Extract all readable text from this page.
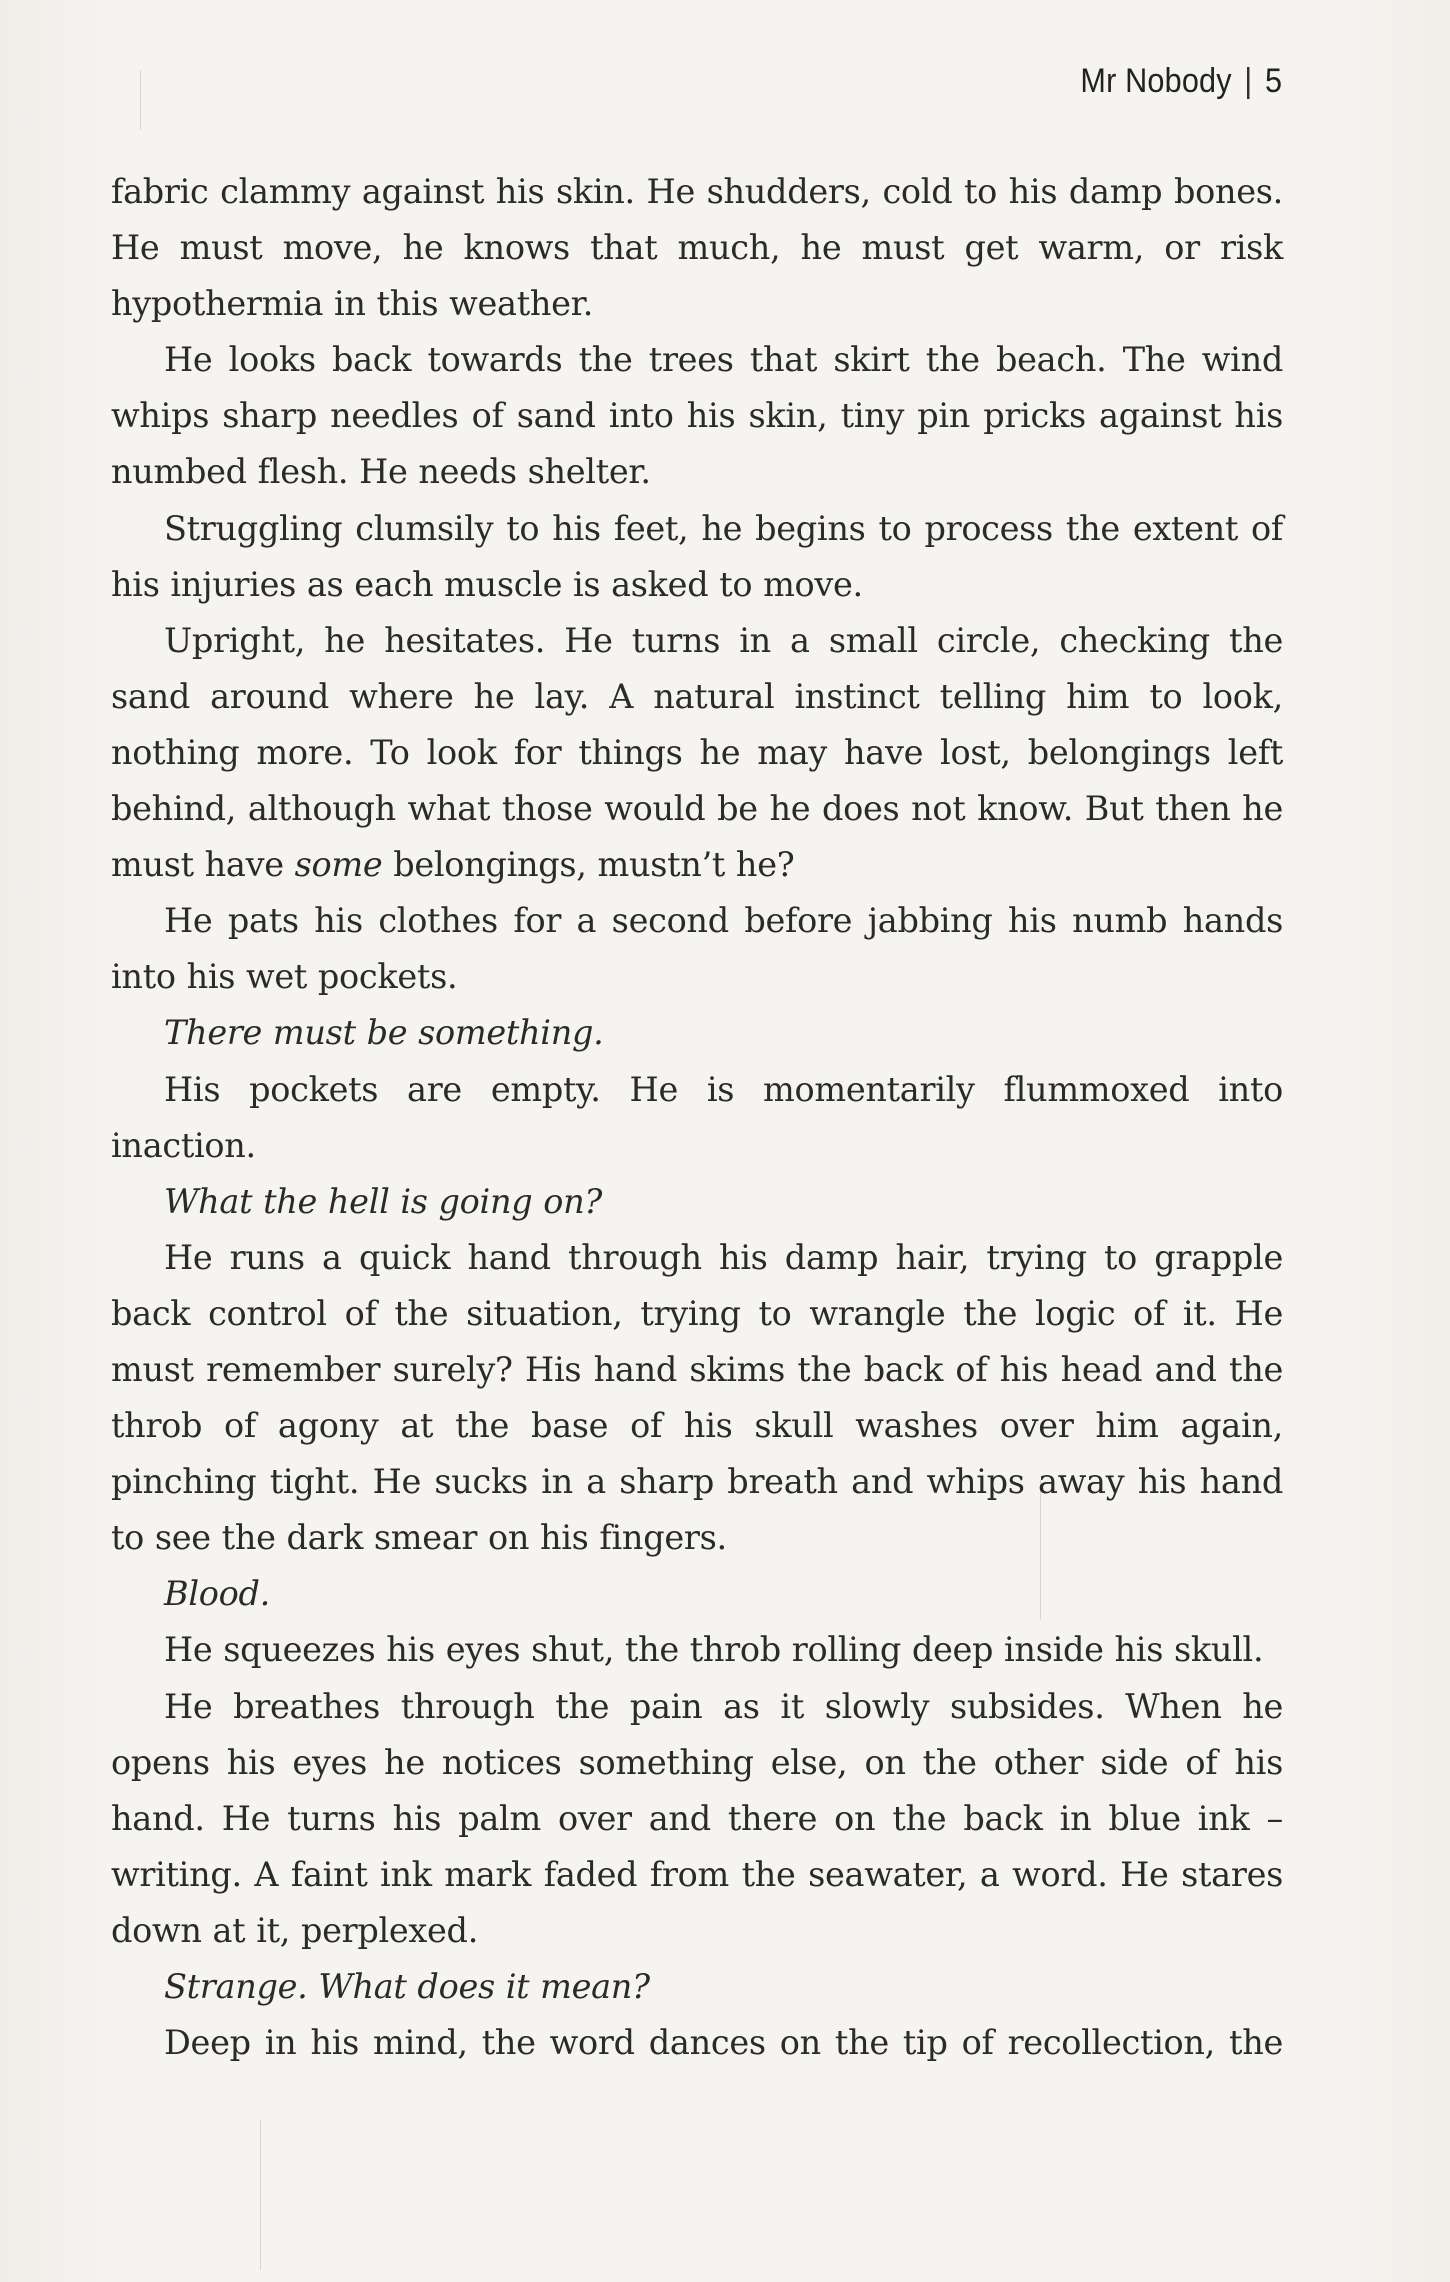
Mr Nobody | 5

fabric clammy against his skin. He shudders, cold to his damp bones. He must move, he knows that much, he must get warm, or risk hypothermia in this weather.

He looks back towards the trees that skirt the beach. The wind whips sharp needles of sand into his skin, tiny pin pricks against his numbed flesh. He needs shelter.

Struggling clumsily to his feet, he begins to process the extent of his injuries as each muscle is asked to move.

Upright, he hesitates. He turns in a small circle, checking the sand around where he lay. A natural instinct telling him to look, nothing more. To look for things he may have lost, belongings left behind, although what those would be he does not know. But then he must have some belongings, mustn’t he?

He pats his clothes for a second before jabbing his numb hands into his wet pockets.

There must be something.

His pockets are empty. He is momentarily flummoxed into inaction.

What the hell is going on?

He runs a quick hand through his damp hair, trying to grapple back control of the situation, trying to wrangle the logic of it. He must remember surely? His hand skims the back of his head and the throb of agony at the base of his skull washes over him again, pinching tight. He sucks in a sharp breath and whips away his hand to see the dark smear on his fingers.

Blood.

He squeezes his eyes shut, the throb rolling deep inside his skull.

He breathes through the pain as it slowly subsides. When he opens his eyes he notices something else, on the other side of his hand. He turns his palm over and there on the back in blue ink – writing. A faint ink mark faded from the seawater, a word. He stares down at it, perplexed.

Strange. What does it mean?

Deep in his mind, the word dances on the tip of recollection, the
